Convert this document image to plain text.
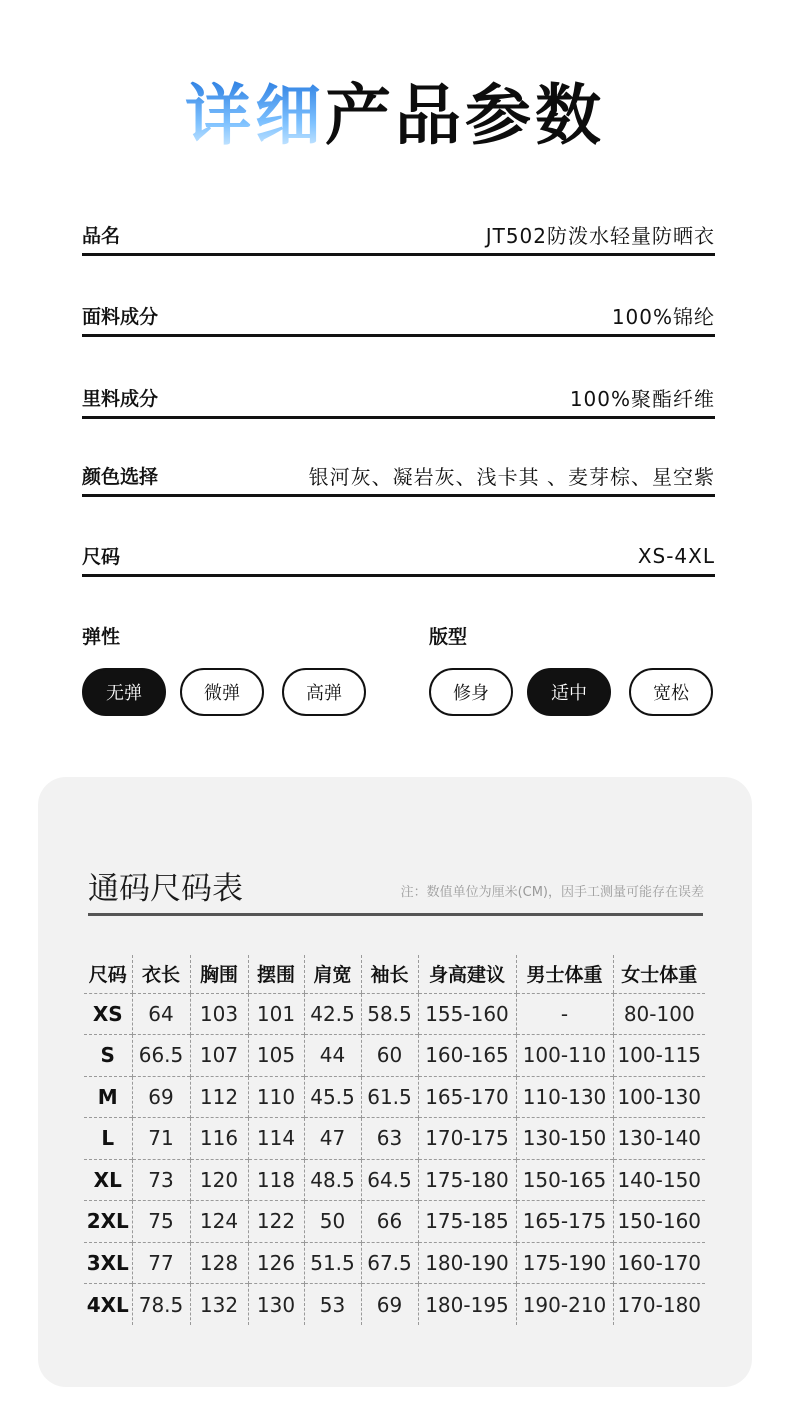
详细产品参数
品名	JT502防泼水轻量防晒衣
面料成分	100%锦纶
里料成分	100%聚酯纤维
颜色选择	银河灰、凝岩灰、浅卡其 、麦芽棕、星空紫
尺码	XS-4XL
弹性
无弹	微弹	高弹
版型
修身	适中	宽松
通码尺码表	注：数值单位为厘米(CM)，因手工测量可能存在误差
尺码	衣长	胸围	摆围	肩宽	袖长	身高建议	男士体重	女士体重
XS	64	103	101	42.5	58.5	155-160	-	80-100
S	66.5	107	105	44	60	160-165	100-110	100-115
M	69	112	110	45.5	61.5	165-170	110-130	100-130
L	71	116	114	47	63	170-175	130-150	130-140
XL	73	120	118	48.5	64.5	175-180	150-165	140-150
2XL	75	124	122	50	66	175-185	165-175	150-160
3XL	77	128	126	51.5	67.5	180-190	175-190	160-170
4XL	78.5	132	130	53	69	180-195	190-210	170-180
